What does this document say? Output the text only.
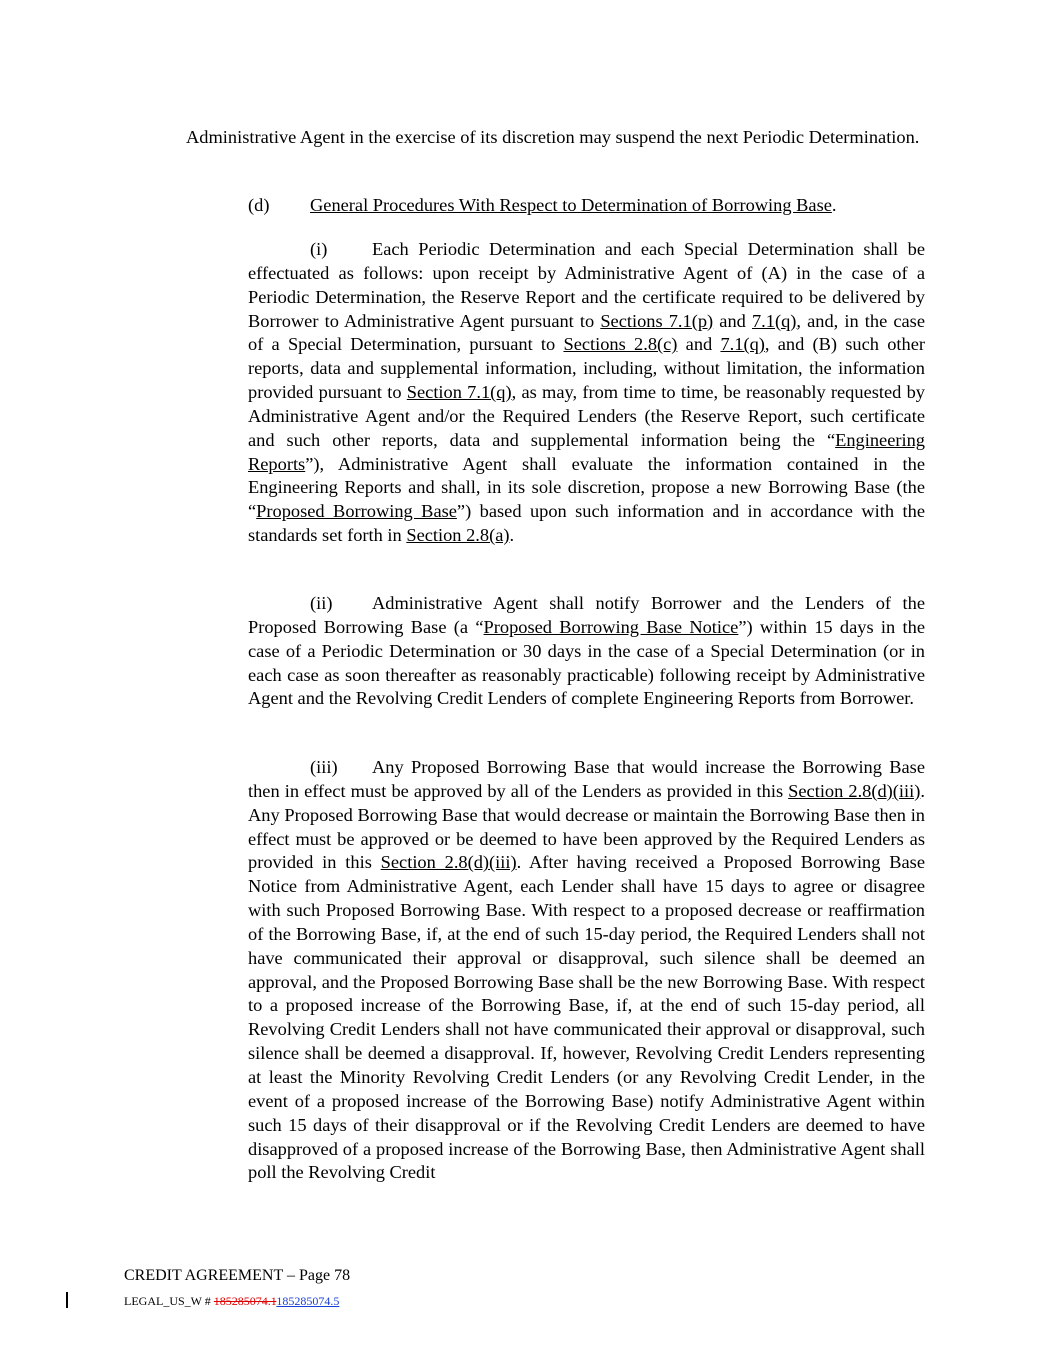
Administrative Agent in the exercise of its discretion may suspend the next Periodic Determination.

(d) General Procedures With Respect to Determination of Borrowing Base.

(i) Each Periodic Determination and each Special Determination shall be effectuated as follows: upon receipt by Administrative Agent of (A) in the case of a Periodic Determination, the Reserve Report and the certificate required to be delivered by Borrower to Administrative Agent pursuant to Sections 7.1(p) and 7.1(q), and, in the case of a Special Determination, pursuant to Sections 2.8(c) and 7.1(q), and (B) such other reports, data and supplemental information, including, without limitation, the information provided pursuant to Section 7.1(q), as may, from time to time, be reasonably requested by Administrative Agent and/or the Required Lenders (the Reserve Report, such certificate and such other reports, data and supplemental information being the “Engineering Reports”), Administrative Agent shall evaluate the information contained in the Engineering Reports and shall, in its sole discretion, propose a new Borrowing Base (the “Proposed Borrowing Base”) based upon such information and in accordance with the standards set forth in Section 2.8(a).

(ii) Administrative Agent shall notify Borrower and the Lenders of the Proposed Borrowing Base (a “Proposed Borrowing Base Notice”) within 15 days in the case of a Periodic Determination or 30 days in the case of a Special Determination (or in each case as soon thereafter as reasonably practicable) following receipt by Administrative Agent and the Revolving Credit Lenders of complete Engineering Reports from Borrower.

(iii) Any Proposed Borrowing Base that would increase the Borrowing Base then in effect must be approved by all of the Lenders as provided in this Section 2.8(d)(iii). Any Proposed Borrowing Base that would decrease or maintain the Borrowing Base then in effect must be approved or be deemed to have been approved by the Required Lenders as provided in this Section 2.8(d)(iii). After having received a Proposed Borrowing Base Notice from Administrative Agent, each Lender shall have 15 days to agree or disagree with such Proposed Borrowing Base. With respect to a proposed decrease or reaffirmation of the Borrowing Base, if, at the end of such 15-day period, the Required Lenders shall not have communicated their approval or disapproval, such silence shall be deemed an approval, and the Proposed Borrowing Base shall be the new Borrowing Base. With respect to a proposed increase of the Borrowing Base, if, at the end of such 15-day period, all Revolving Credit Lenders shall not have communicated their approval or disapproval, such silence shall be deemed a disapproval. If, however, Revolving Credit Lenders representing at least the Minority Revolving Credit Lenders (or any Revolving Credit Lender, in the event of a proposed increase of the Borrowing Base) notify Administrative Agent within such 15 days of their disapproval or if the Revolving Credit Lenders are deemed to have disapproved of a proposed increase of the Borrowing Base, then Administrative Agent shall poll the Revolving Credit

CREDIT AGREEMENT – Page 78
LEGAL_US_W # 185285074.1185285074.5
